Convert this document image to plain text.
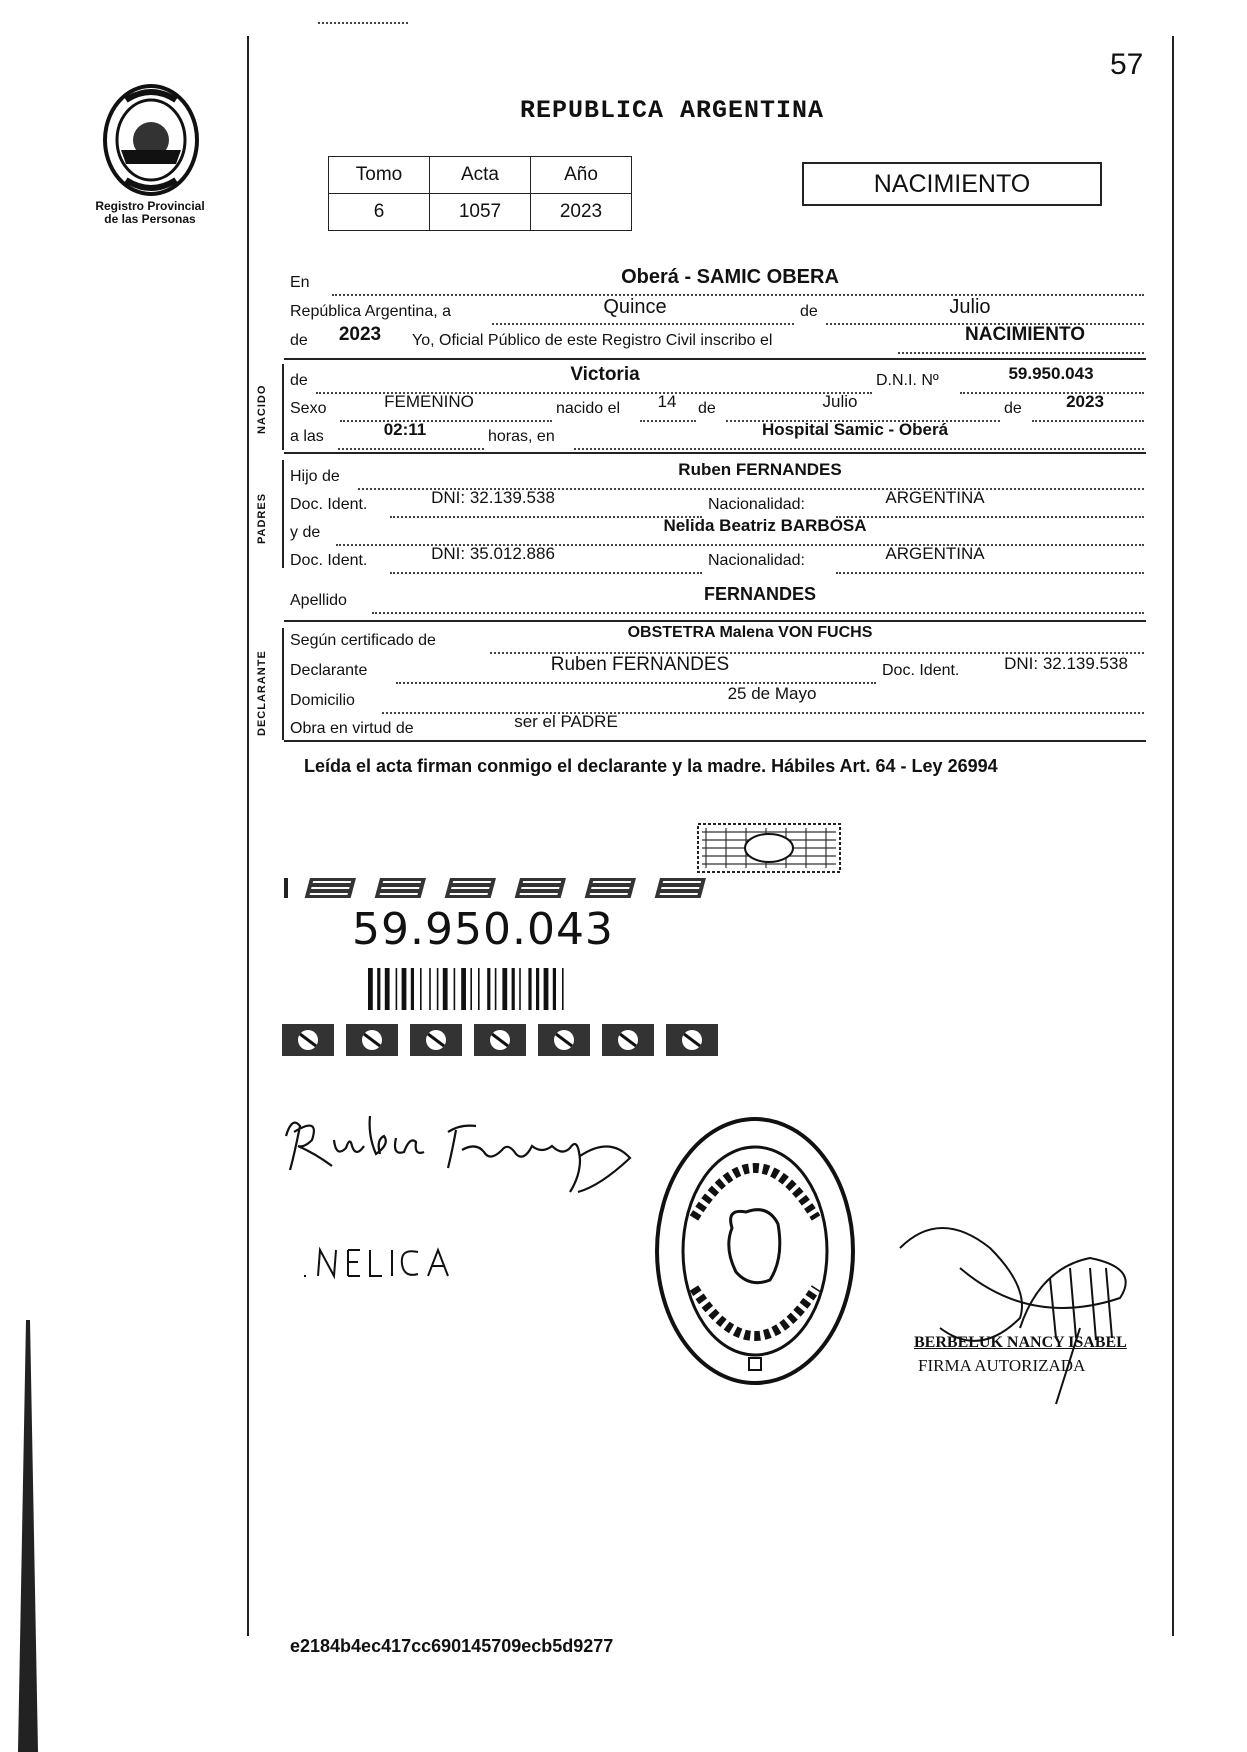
57
REPUBLICA ARGENTINA
Registro Provincial
de las Personas
Tomo	Acta	Año
6	1057	2023
NACIMIENTO
En	Oberá - SAMIC OBERA
República Argentina, a	Quince	de	Julio
de	2023	Yo, Oficial Público de este Registro Civil inscribo el	NACIMIENTO
NACIDO
de	Victoria	D.N.I. Nº	59.950.043
Sexo	FEMENINO	nacido el	14	de	Julio	de	2023
a las	02:11	horas, en	Hospital Samic - Oberá
PADRES
Hijo de	Ruben FERNANDES
Doc. Ident.	DNI: 32.139.538	Nacionalidad:	ARGENTINA
y de	Nelida Beatriz BARBOSA
Doc. Ident.	DNI: 35.012.886	Nacionalidad:	ARGENTINA
Apellido	FERNANDES
DECLARANTE
Según certificado de	OBSTETRA Malena VON FUCHS
Declarante	Ruben FERNANDES	Doc. Ident.	DNI: 32.139.538
Domicilio	25 de Mayo
Obra en virtud de	ser el PADRE
Leída el acta firman conmigo el declarante y la madre. Hábiles Art. 64 - Ley 26994
59.950.043
BERBELUK NANCY ISABEL
FIRMA AUTORIZADA
e2184b4ec417cc690145709ecb5d9277
